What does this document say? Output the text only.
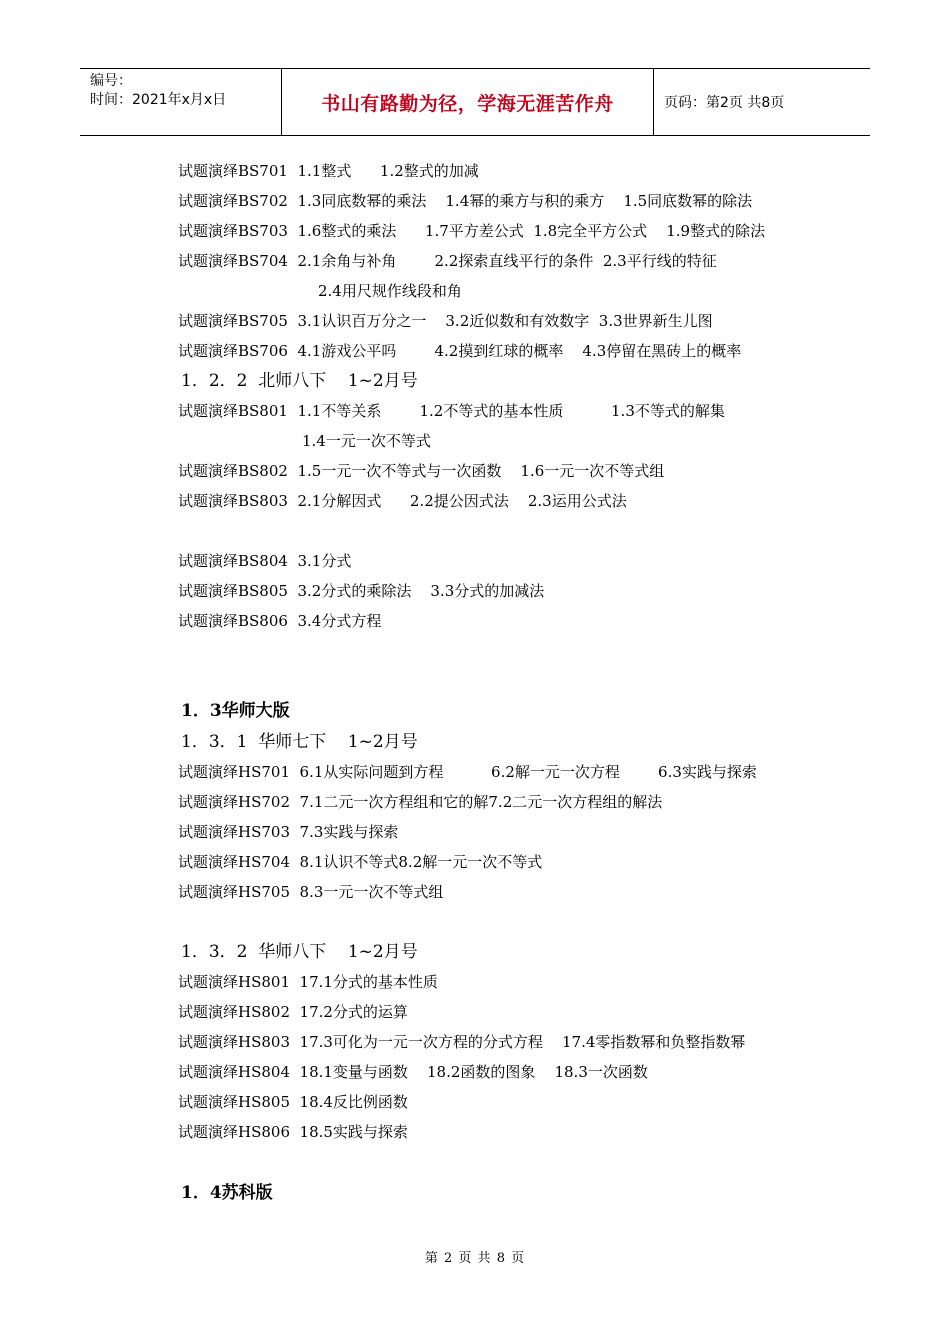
编号：
时间：2021年x月x日	书山有路勤为径，学海无涯苦作舟	页码：第2页 共8页
试题演绎BS701  1.1整式      1.2整式的加减
试题演绎BS702  1.3同底数幂的乘法    1.4幂的乘方与积的乘方    1.5同底数幂的除法
试题演绎BS703  1.6整式的乘法      1.7平方差公式  1.8完全平方公式    1.9整式的除法
试题演绎BS704  2.1余角与补角        2.2探索直线平行的条件  2.3平行线的特征
2.4用尺规作线段和角
试题演绎BS705  3.1认识百万分之一    3.2近似数和有效数字  3.3世界新生儿图
试题演绎BS706  4.1游戏公平吗        4.2摸到红球的概率    4.3停留在黑砖上的概率
1．2．2  北师八下    1~2月号
试题演绎BS801  1.1不等关系        1.2不等式的基本性质          1.3不等式的解集
1.4一元一次不等式
试题演绎BS802  1.5一元一次不等式与一次函数    1.6一元一次不等式组
试题演绎BS803  2.1分解因式      2.2提公因式法    2.3运用公式法
试题演绎BS804  3.1分式
试题演绎BS805  3.2分式的乘除法    3.3分式的加减法
试题演绎BS806  3.4分式方程
1．3华师大版
1．3．1  华师七下    1~2月号
试题演绎HS701  6.1从实际问题到方程          6.2解一元一次方程        6.3实践与探索
试题演绎HS702  7.1二元一次方程组和它的解7.2二元一次方程组的解法
试题演绎HS703  7.3实践与探索
试题演绎HS704  8.1认识不等式8.2解一元一次不等式
试题演绎HS705  8.3一元一次不等式组
1．3．2  华师八下    1~2月号
试题演绎HS801  17.1分式的基本性质
试题演绎HS802  17.2分式的运算
试题演绎HS803  17.3可化为一元一次方程的分式方程    17.4零指数幂和负整指数幂
试题演绎HS804  18.1变量与函数    18.2函数的图象    18.3一次函数
试题演绎HS805  18.4反比例函数
试题演绎HS806  18.5实践与探索
1．4苏科版
第 2 页 共 8 页
